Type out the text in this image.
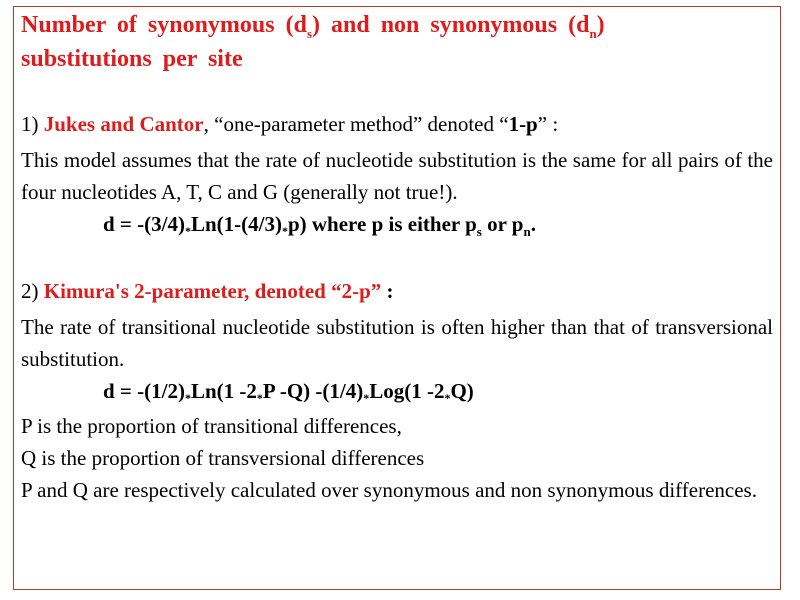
Number of synonymous $(d_s)$ and non synonymous $(d_n)$
substitutions per site

1) Jukes and Cantor, “one-parameter method” denoted “1-p” :

This model assumes that the rate of nucleotide substitution is the same for all pairs of the four nucleotides A, T, C and G (generally not true!).

d = -(3/4)*Ln(1-(4/3)*p) where p is either $p_s$ or $p_n$.

2) Kimura's 2-parameter, denoted “2-p” :

The rate of transitional nucleotide substitution is often higher than that of transversional substitution.

d = -(1/2)*Ln(1 -2*P -Q) -(1/4)*Log(1 -2*Q)

P is the proportion of transitional differences,

Q is the proportion of transversional differences

P and Q are respectively calculated over synonymous and non synonymous differences.
